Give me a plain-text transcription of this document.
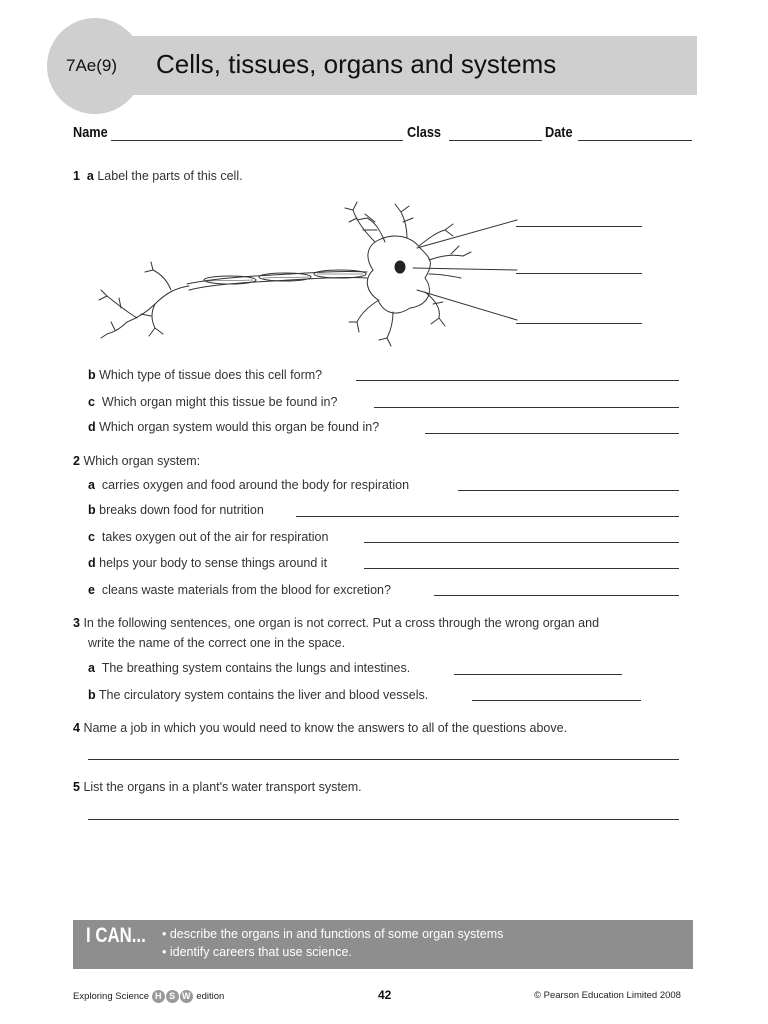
7Ae(9) Cells, tissues, organs and systems
Name	Class	Date
1 a Label the parts of this cell.
b Which type of tissue does this cell form?
c Which organ might this tissue be found in?
d Which organ system would this organ be found in?
2 Which organ system:
a carries oxygen and food around the body for respiration
b breaks down food for nutrition
c takes oxygen out of the air for respiration
d helps your body to sense things around it
e cleans waste materials from the blood for excretion?
3 In the following sentences, one organ is not correct. Put a cross through the wrong organ and
write the name of the correct one in the space.
a The breathing system contains the lungs and intestines.
b The circulatory system contains the liver and blood vessels.
4 Name a job in which you would need to know the answers to all of the questions above.
5 List the organs in a plant's water transport system.
I CAN... • describe the organs in and functions of some organ systems
• identify careers that use science.
Exploring Science H S W edition	42	© Pearson Education Limited 2008
